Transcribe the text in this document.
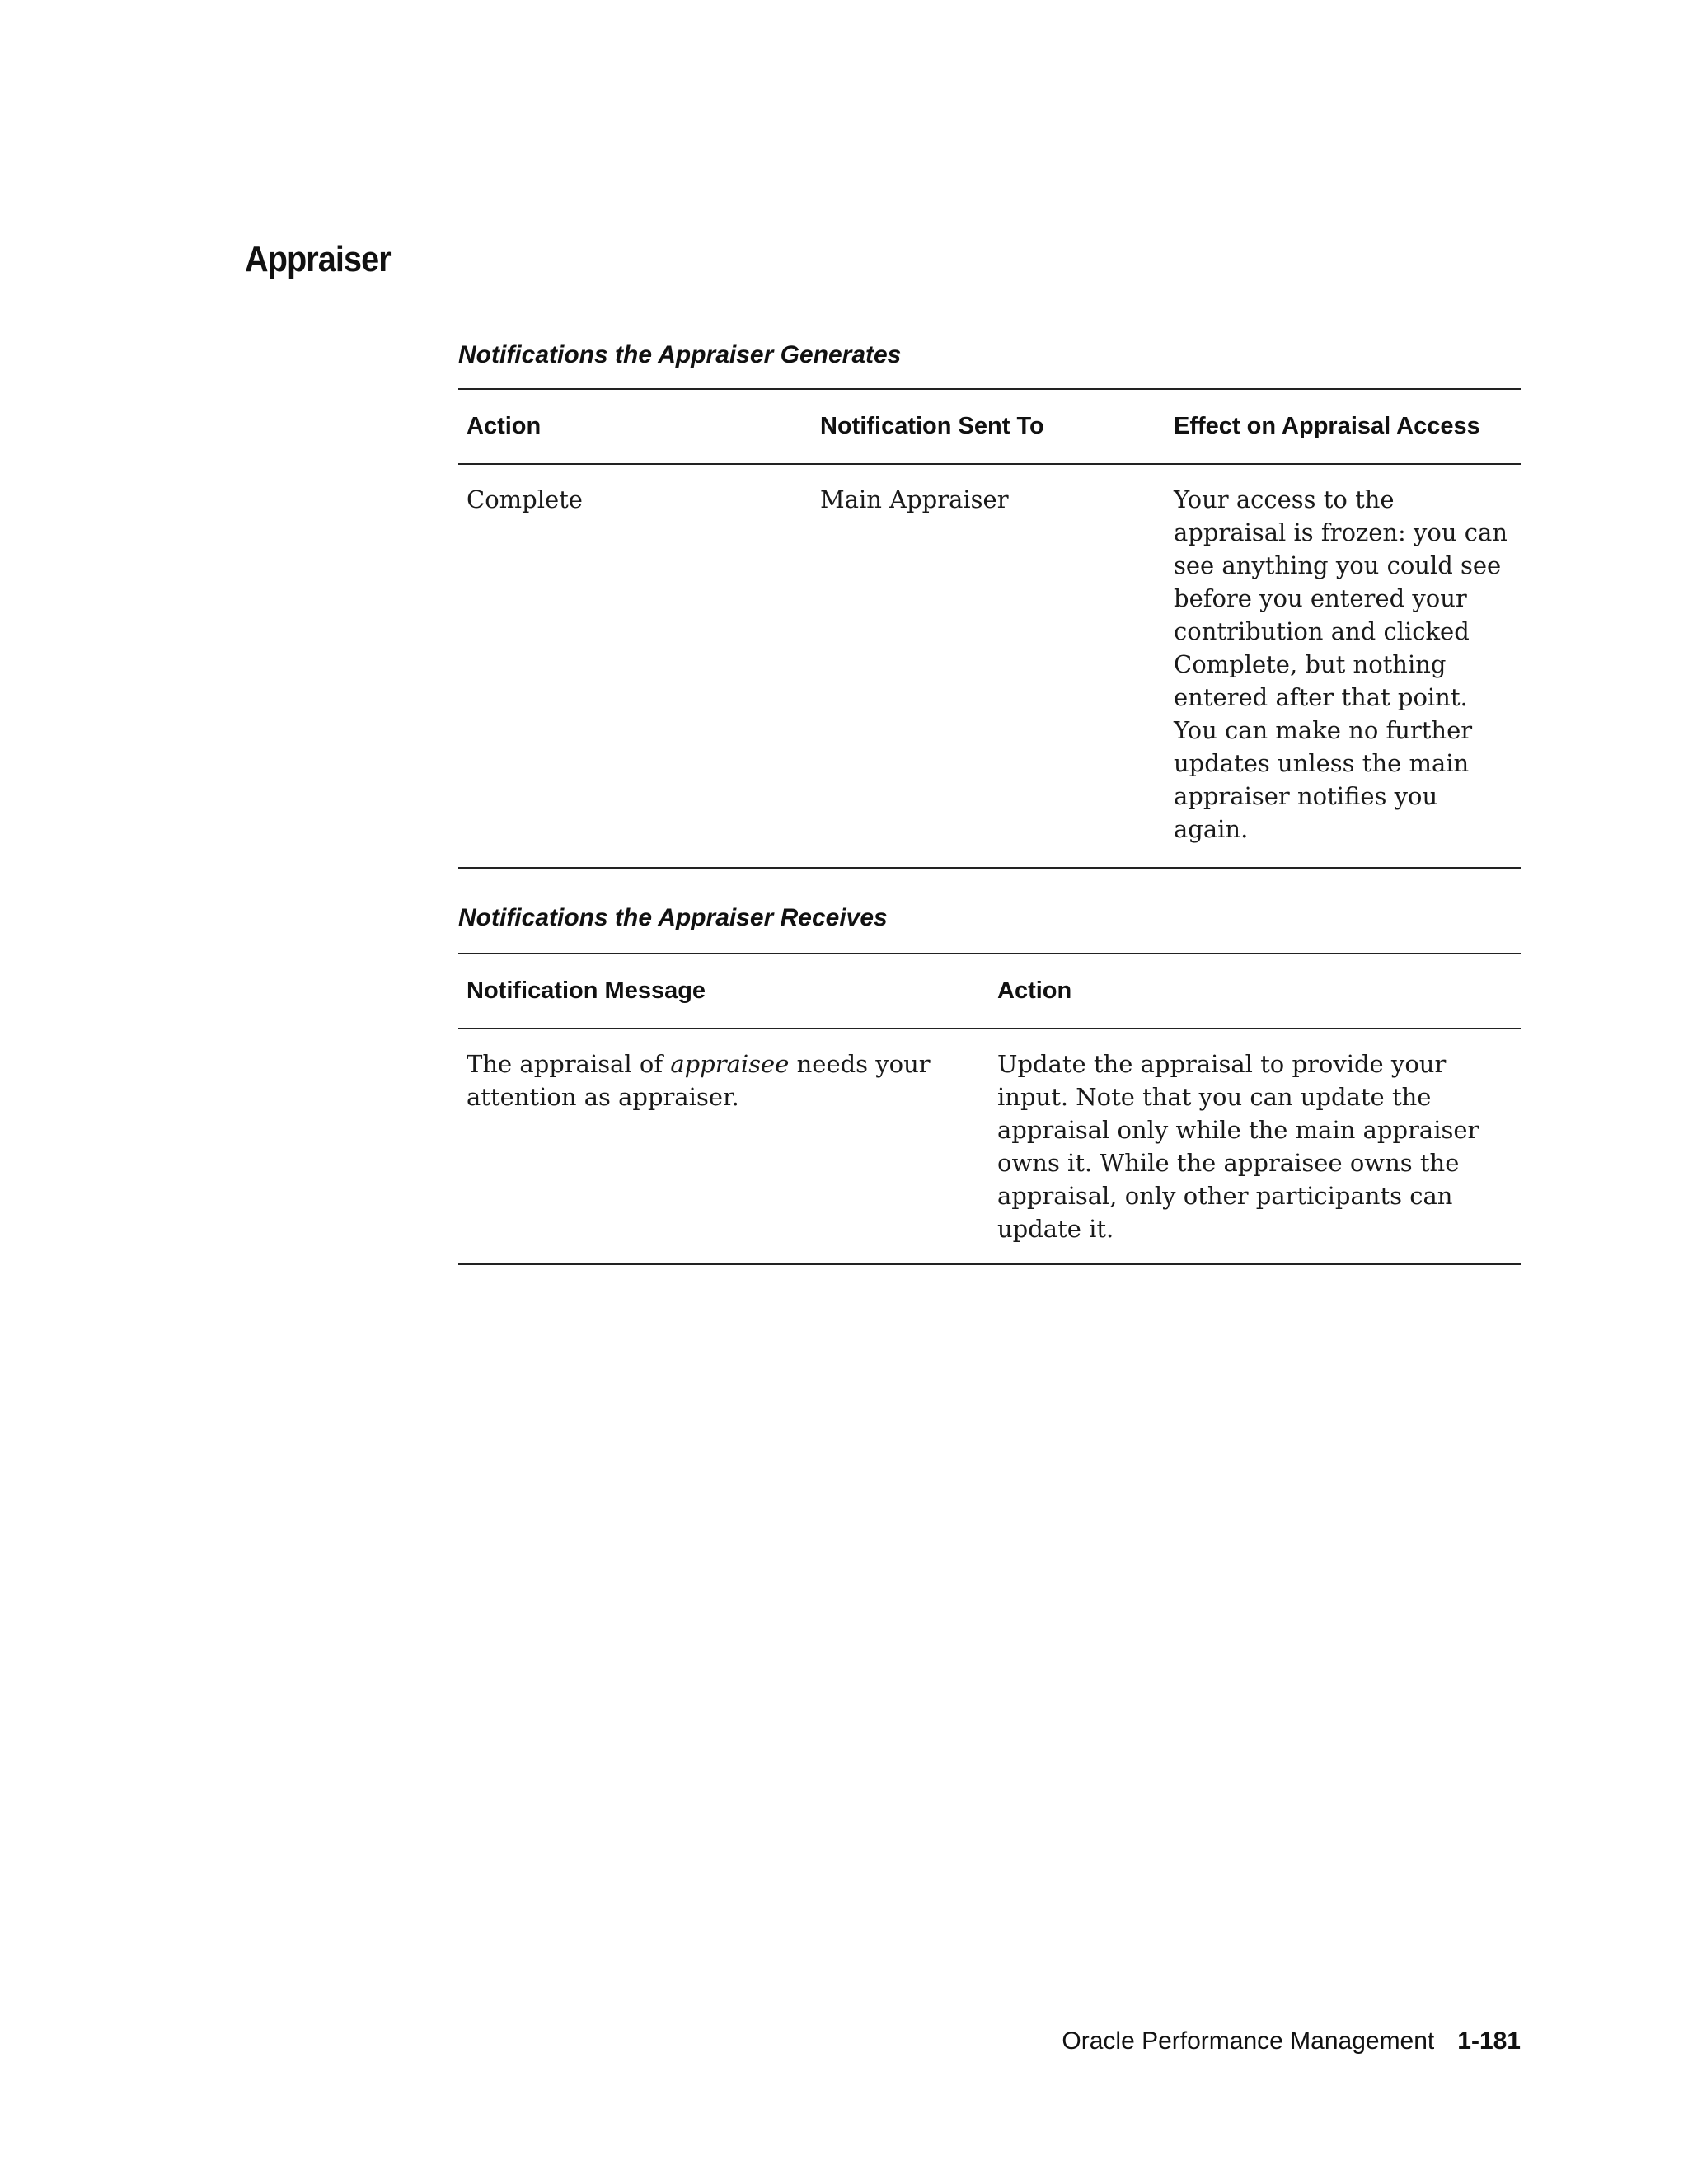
Appraiser
Notifications the Appraiser Generates
Action	Notification Sent To	Effect on Appraisal Access
Complete	Main Appraiser	Your access to the appraisal is frozen: you can see anything you could see before you entered your contribution and clicked Complete, but nothing entered after that point. You can make no further updates unless the main appraiser notifies you again.
Notifications the Appraiser Receives
Notification Message	Action
The appraisal of appraisee needs your attention as appraiser.	Update the appraisal to provide your input. Note that you can update the appraisal only while the main appraiser owns it. While the appraisee owns the appraisal, only other participants can update it.
Oracle Performance Management 1-181
